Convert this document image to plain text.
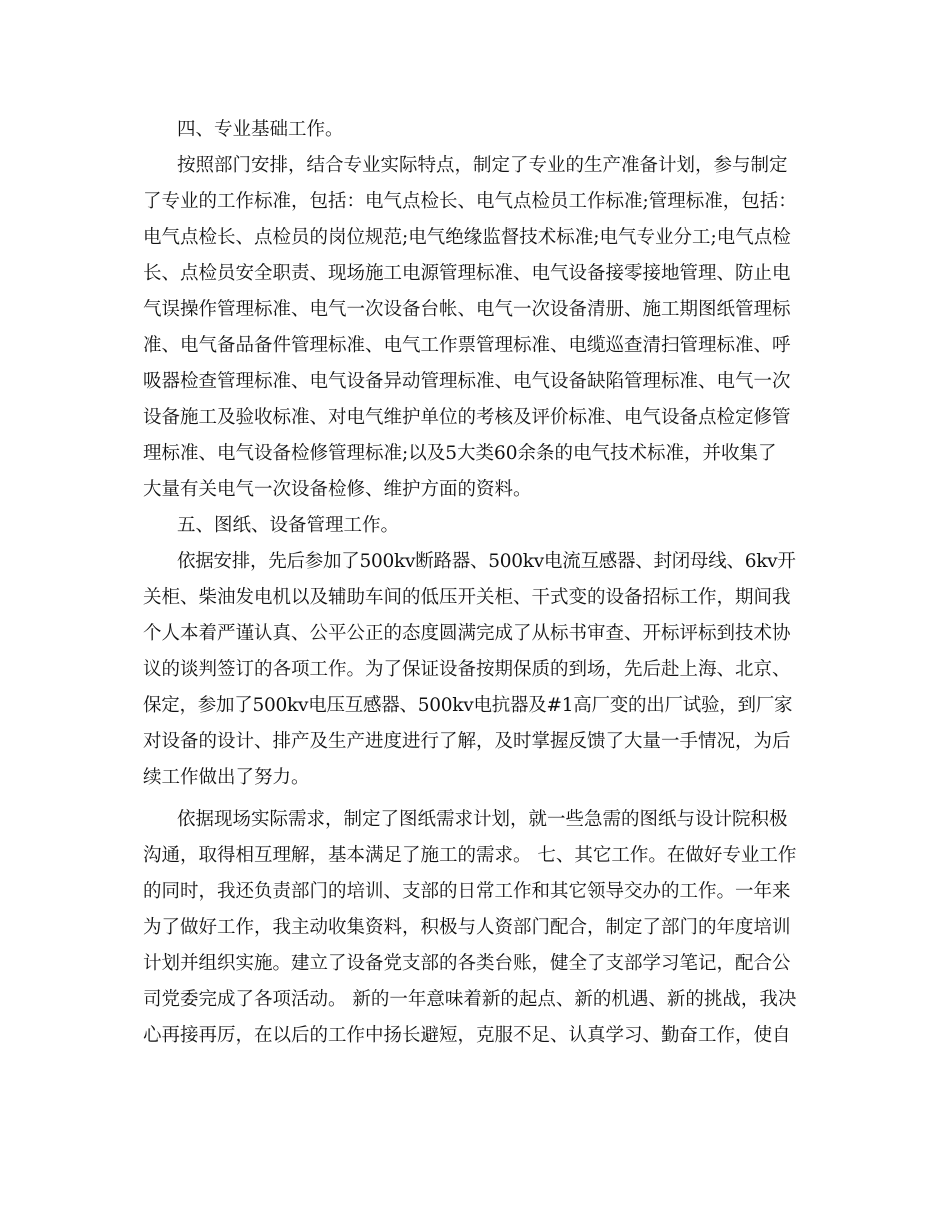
四、专业基础工作。
按照部门安排，结合专业实际特点，制定了专业的生产准备计划，参与制定
了专业的工作标准，包括：电气点检长、电气点检员工作标准;管理标准，包括：
电气点检长、点检员的岗位规范;电气绝缘监督技术标准;电气专业分工;电气点检
长、点检员安全职责、现场施工电源管理标准、电气设备接零接地管理、防止电
气误操作管理标准、电气一次设备台帐、电气一次设备清册、施工期图纸管理标
准、电气备品备件管理标准、电气工作票管理标准、电缆巡查清扫管理标准、呼
吸器检查管理标准、电气设备异动管理标准、电气设备缺陷管理标准、电气一次
设备施工及验收标准、对电气维护单位的考核及评价标准、电气设备点检定修管
理标准、电气设备检修管理标准;以及5大类60余条的电气技术标准，并收集了
大量有关电气一次设备检修、维护方面的资料。
五、图纸、设备管理工作。
依据安排，先后参加了500kv断路器、500kv电流互感器、封闭母线、6kv开
关柜、柴油发电机以及辅助车间的低压开关柜、干式变的设备招标工作，期间我
个人本着严谨认真、公平公正的态度圆满完成了从标书审查、开标评标到技术协
议的谈判签订的各项工作。为了保证设备按期保质的到场，先后赴上海、北京、
保定，参加了500kv电压互感器、500kv电抗器及#1高厂变的出厂试验，到厂家
对设备的设计、排产及生产进度进行了解，及时掌握反馈了大量一手情况，为后
续工作做出了努力。
依据现场实际需求，制定了图纸需求计划，就一些急需的图纸与设计院积极
沟通，取得相互理解，基本满足了施工的需求。 七、其它工作。在做好专业工作
的同时，我还负责部门的培训、支部的日常工作和其它领导交办的工作。一年来
为了做好工作，我主动收集资料，积极与人资部门配合，制定了部门的年度培训
计划并组织实施。建立了设备党支部的各类台账，健全了支部学习笔记，配合公
司党委完成了各项活动。 新的一年意味着新的起点、新的机遇、新的挑战，我决
心再接再厉，在以后的工作中扬长避短，克服不足、认真学习、勤奋工作，使自
